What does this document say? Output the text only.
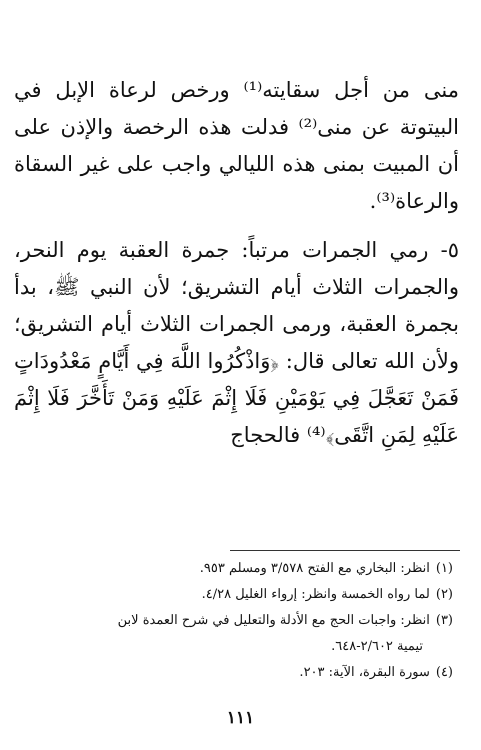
منى من أجل سقايته⁽¹⁾ ورخص لرعاة الإبل في البيتوتة عن منى⁽²⁾ فدلت هذه الرخصة والإذن على أن المبيت بمنى هذه الليالي واجب على غير السقاة والرعاة⁽³⁾.

٥- رمي الجمرات مرتباً: جمرة العقبة يوم النحر، والجمرات الثلاث أيام التشريق؛ لأن النبي ﷺ، بدأ بجمرة العقبة، ورمى الجمرات الثلاث أيام التشريق؛ ولأن الله تعالى قال: ﴿وَاذْكُرُوا اللَّهَ فِي أَيَّامٍ مَعْدُودَاتٍ فَمَنْ تَعَجَّلَ فِي يَوْمَيْنِ فَلَا إِثْمَ عَلَيْهِ وَمَنْ تَأَخَّرَ فَلَا إِثْمَ عَلَيْهِ لِمَنِ اتَّقَى﴾⁽⁴⁾ فالحجاج

(١)انظر: البخاري مع الفتح ٣/٥٧٨ ومسلم ٩٥٣.

(٢)لما رواه الخمسة وانظر: إرواء الغليل ٤/٢٨.

(٣)انظر: واجبات الحج مع الأدلة والتعليل في شرح العمدة لابن

تيمية ٢/٦٠٢-٦٤٨.

(٤)سورة البقرة، الآية: ٢٠٣.

١١١
